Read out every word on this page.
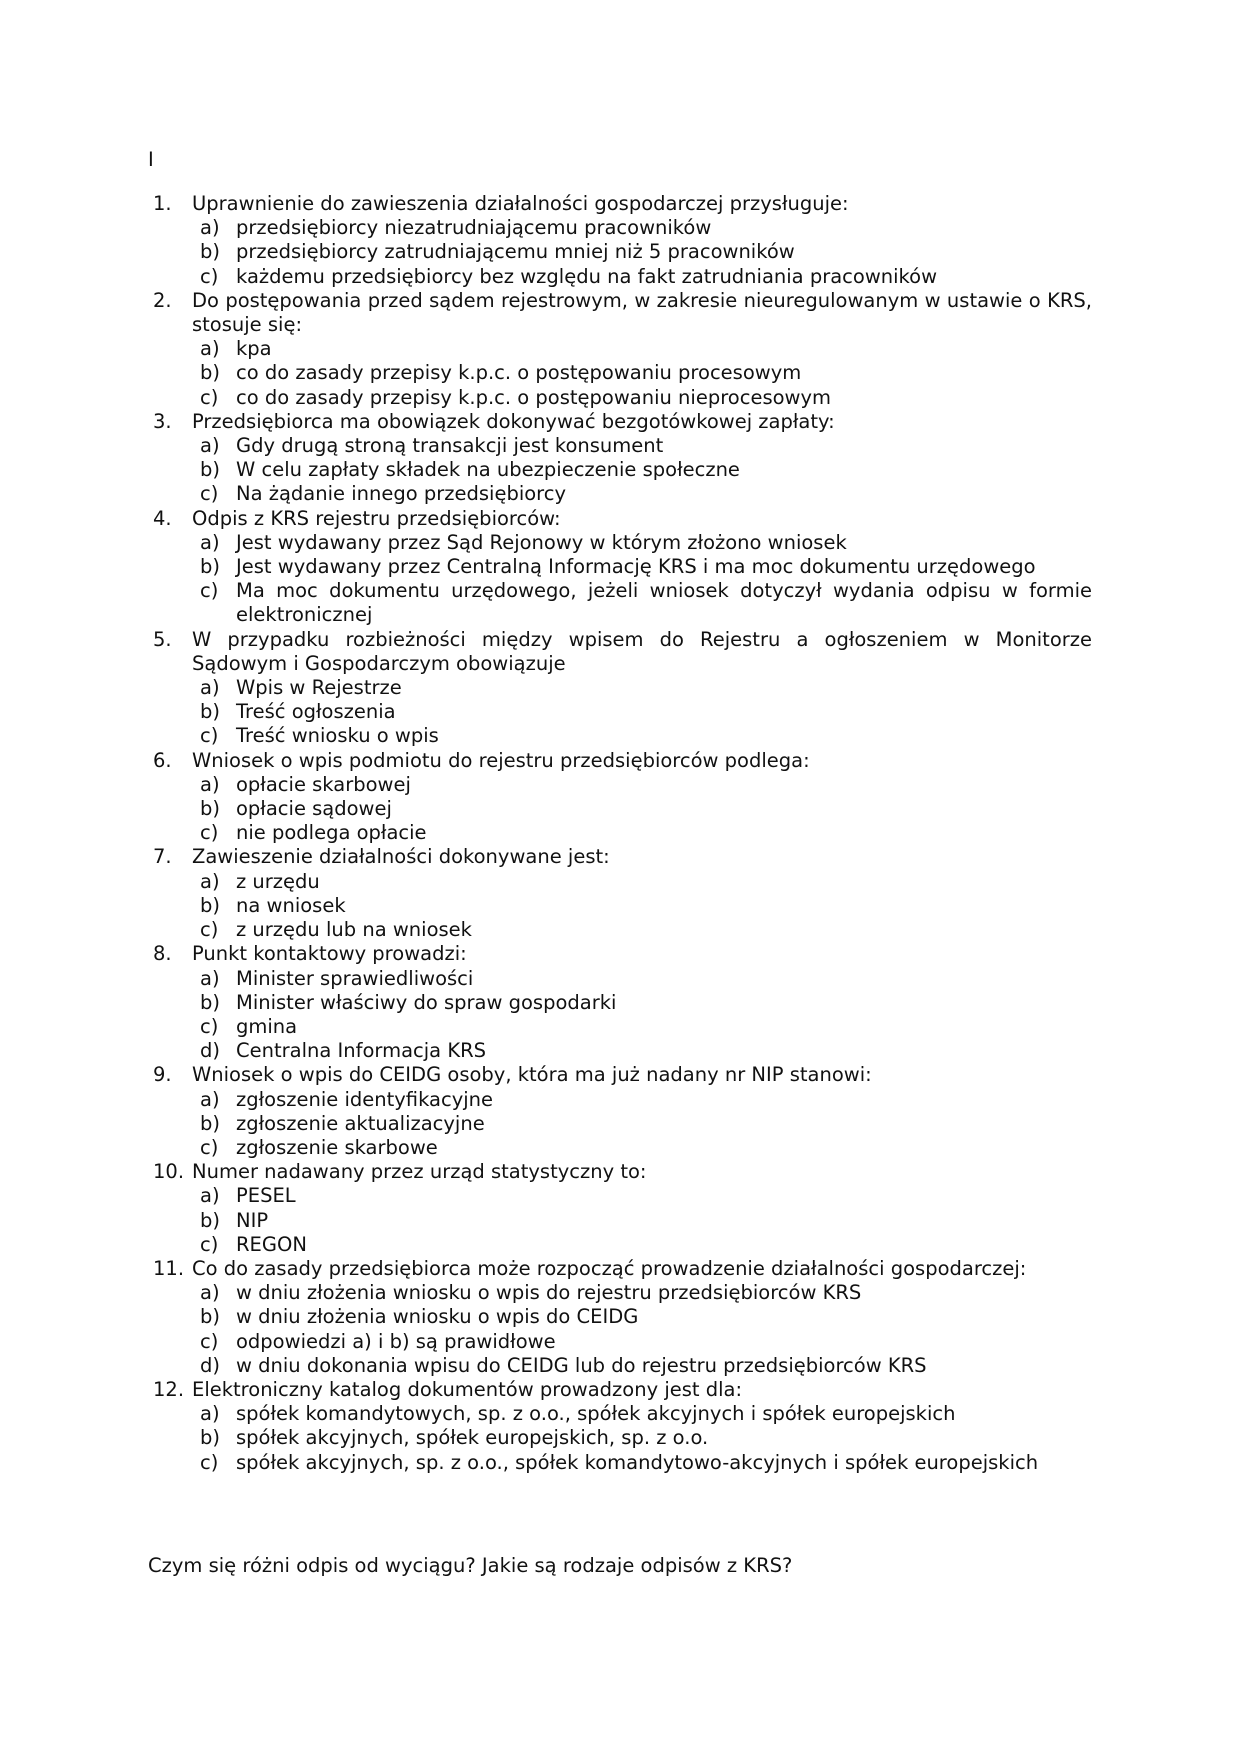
I
1. Uprawnienie do zawieszenia działalności gospodarczej przysługuje:
a) przedsiębiorcy niezatrudniającemu pracowników
b) przedsiębiorcy zatrudniającemu mniej niż 5 pracowników
c) każdemu przedsiębiorcy bez względu na fakt zatrudniania pracowników
2. Do postępowania przed sądem rejestrowym, w zakresie nieuregulowanym w ustawie o KRS, stosuje się:
a) kpa
b) co do zasady przepisy k.p.c. o postępowaniu procesowym
c) co do zasady przepisy k.p.c. o postępowaniu nieprocesowym
3. Przedsiębiorca ma obowiązek dokonywać bezgotówkowej zapłaty:
a) Gdy drugą stroną transakcji jest konsument
b) W celu zapłaty składek na ubezpieczenie społeczne
c) Na żądanie innego przedsiębiorcy
4. Odpis z KRS rejestru przedsiębiorców:
a) Jest wydawany przez Sąd Rejonowy w którym złożono wniosek
b) Jest wydawany przez Centralną Informację KRS i ma moc dokumentu urzędowego
c) Ma moc dokumentu urzędowego, jeżeli wniosek dotyczył wydania odpisu w formie elektronicznej
5. W przypadku rozbieżności między wpisem do Rejestru a ogłoszeniem w Monitorze Sądowym i Gospodarczym obowiązuje
a) Wpis w Rejestrze
b) Treść ogłoszenia
c) Treść wniosku o wpis
6. Wniosek o wpis podmiotu do rejestru przedsiębiorców podlega:
a) opłacie skarbowej
b) opłacie sądowej
c) nie podlega opłacie
7. Zawieszenie działalności dokonywane jest:
a) z urzędu
b) na wniosek
c) z urzędu lub na wniosek
8. Punkt kontaktowy prowadzi:
a) Minister sprawiedliwości
b) Minister właściwy do spraw gospodarki
c) gmina
d) Centralna Informacja KRS
9. Wniosek o wpis do CEIDG osoby, która ma już nadany nr NIP stanowi:
a) zgłoszenie identyfikacyjne
b) zgłoszenie aktualizacyjne
c) zgłoszenie skarbowe
10. Numer nadawany przez urząd statystyczny to:
a) PESEL
b) NIP
c) REGON
11. Co do zasady przedsiębiorca może rozpocząć prowadzenie działalności gospodarczej:
a) w dniu złożenia wniosku o wpis do rejestru przedsiębiorców KRS
b) w dniu złożenia wniosku o wpis do CEIDG
c) odpowiedzi a) i b) są prawidłowe
d) w dniu dokonania wpisu do CEIDG lub do rejestru przedsiębiorców KRS
12. Elektroniczny katalog dokumentów prowadzony jest dla:
a) spółek komandytowych, sp. z o.o., spółek akcyjnych i spółek europejskich
b) spółek akcyjnych, spółek europejskich, sp. z o.o.
c) spółek akcyjnych, sp. z o.o., spółek komandytowo-akcyjnych i spółek europejskich
Czym się różni odpis od wyciągu? Jakie są rodzaje odpisów z KRS?
